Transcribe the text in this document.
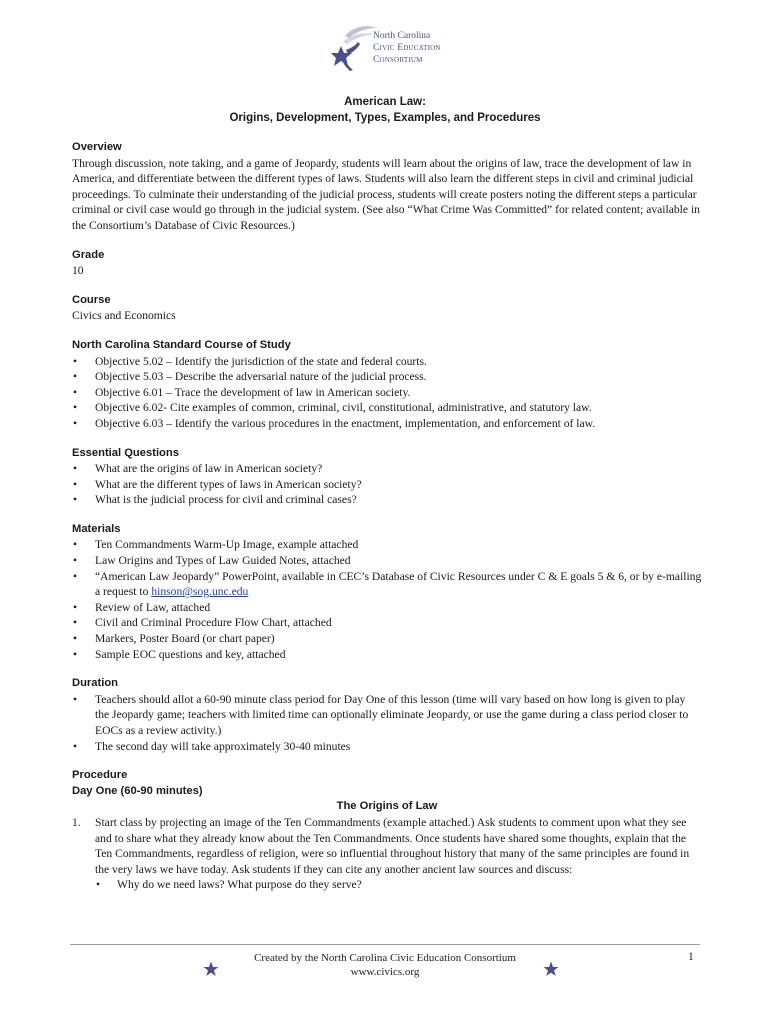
North Carolina
Civic Education
Consortium
American Law:
Origins, Development, Types, Examples, and Procedures
Overview

Through discussion, note taking, and a game of Jeopardy, students will learn about the origins of law, trace the development of law in America, and differentiate between the different types of laws. Students will also learn the different steps in civil and criminal judicial proceedings. To culminate their understanding of the judicial process, students will create posters noting the different steps a particular criminal or civil case would go through in the judicial system. (See also “What Crime Was Committed” for related content; available in the Consortium’s Database of Civic Resources.)

Grade
10
Course
Civics and Economics
North Carolina Standard Course of Study
• Objective 5.02 – Identify the jurisdiction of the state and federal courts.
• Objective 5.03 – Describe the adversarial nature of the judicial process.
• Objective 6.01 – Trace the development of law in American society.
• Objective 6.02- Cite examples of common, criminal, civil, constitutional, administrative, and statutory law.
• Objective 6.03 – Identify the various procedures in the enactment, implementation, and enforcement of law.
Essential Questions
• What are the origins of law in American society?
• What are the different types of laws in American society?
• What is the judicial process for civil and criminal cases?
Materials
• Ten Commandments Warm-Up Image, example attached
• Law Origins and Types of Law Guided Notes, attached
• “American Law Jeopardy” PowerPoint, available in CEC’s Database of Civic Resources under C & E goals 5 & 6, or by e-mailing a request to hinson@sog.unc.edu
• Review of Law, attached
• Civil and Criminal Procedure Flow Chart, attached
• Markers, Poster Board (or chart paper)
• Sample EOC questions and key, attached
Duration
• Teachers should allot a 60-90 minute class period for Day One of this lesson (time will vary based on how long is given to play the Jeopardy game; teachers with limited time can optionally eliminate Jeopardy, or use the game during a class period closer to EOCs as a review activity.)
• The second day will take approximately 30-40 minutes
Procedure
Day One (60-90 minutes)
The Origins of Law
1. Start class by projecting an image of the Ten Commandments (example attached.) Ask students to comment upon what they see and to share what they already know about the Ten Commandments. Once students have shared some thoughts, explain that the Ten Commandments, regardless of religion, were so influential throughout history that many of the same principles are found in the very laws we have today. Ask students if they can cite any another ancient law sources and discuss:
• Why do we need laws? What purpose do they serve?
Created by the North Carolina Civic Education Consortium
www.civics.org
1
